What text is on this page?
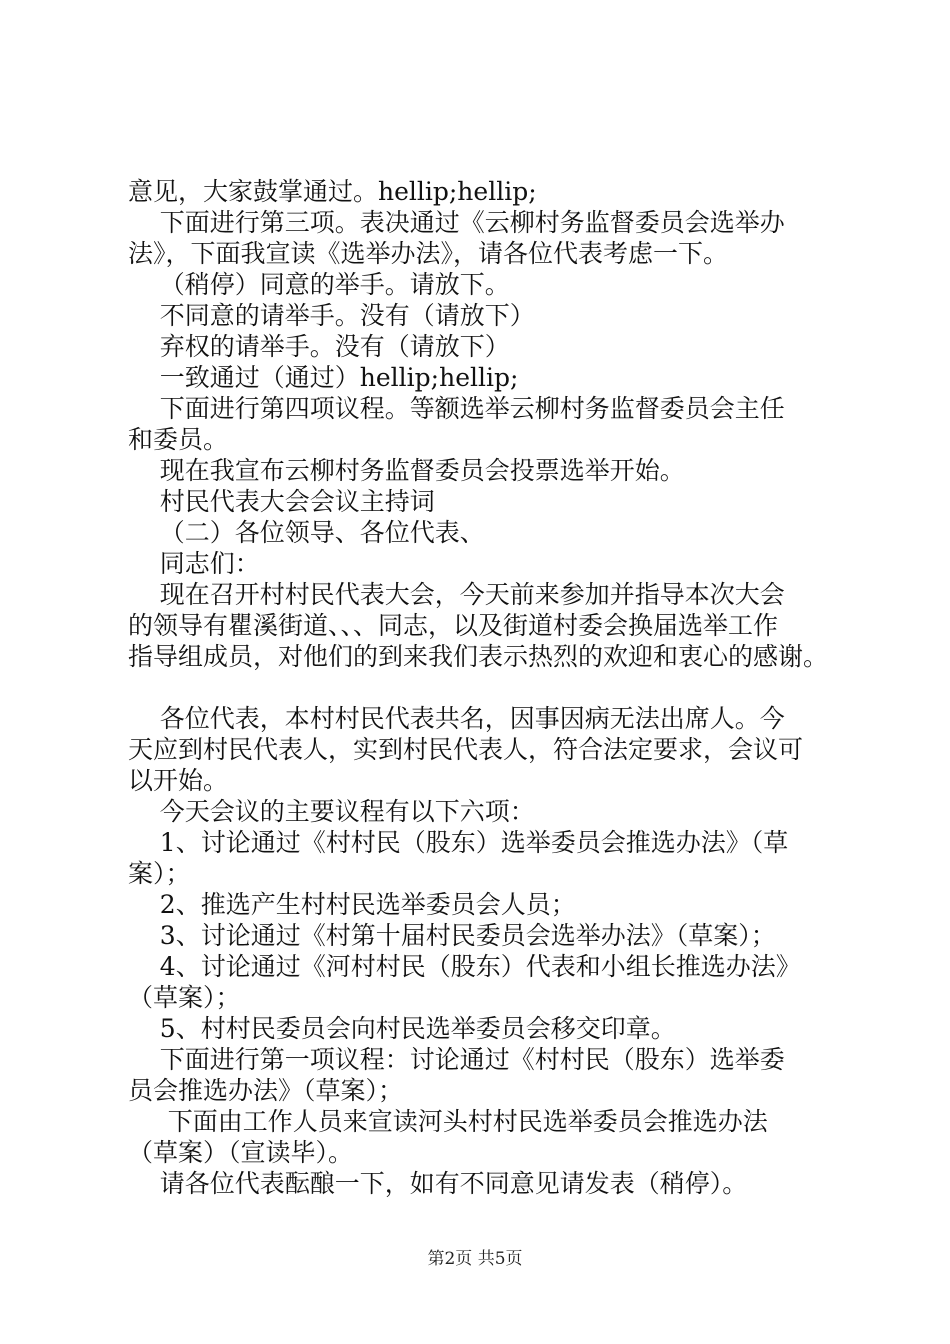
意见，大家鼓掌通过。hellip;hellip;
下面进行第三项。表决通过《云柳村务监督委员会选举办
法》，下面我宣读《选举办法》，请各位代表考虑一下。
（稍停）同意的举手。请放下。
不同意的请举手。没有（请放下）
弃权的请举手。没有（请放下）
一致通过（通过）hellip;hellip;
下面进行第四项议程。等额选举云柳村务监督委员会主任
和委员。
现在我宣布云柳村务监督委员会投票选举开始。
村民代表大会会议主持词
（二）各位领导、各位代表、
同志们：
现在召开村村民代表大会，今天前来参加并指导本次大会
的领导有瞿溪街道、、、同志，以及街道村委会换届选举工作
指导组成员，对他们的到来我们表示热烈的欢迎和衷心的感谢。
各位代表，本村村民代表共名，因事因病无法出席人。今
天应到村民代表人，实到村民代表人，符合法定要求，会议可
以开始。
今天会议的主要议程有以下六项：
1、讨论通过《村村民（股东）选举委员会推选办法》（草
案）；
2、推选产生村村民选举委员会人员；
3、讨论通过《村第十届村民委员会选举办法》（草案）；
4、讨论通过《河村村民（股东）代表和小组长推选办法》
（草案）；
5、村村民委员会向村民选举委员会移交印章。
下面进行第一项议程：讨论通过《村村民（股东）选举委
员会推选办法》（草案）；
下面由工作人员来宣读河头村村民选举委员会推选办法
（草案）（宣读毕）。
请各位代表酝酿一下，如有不同意见请发表（稍停）。
第2页 共5页
